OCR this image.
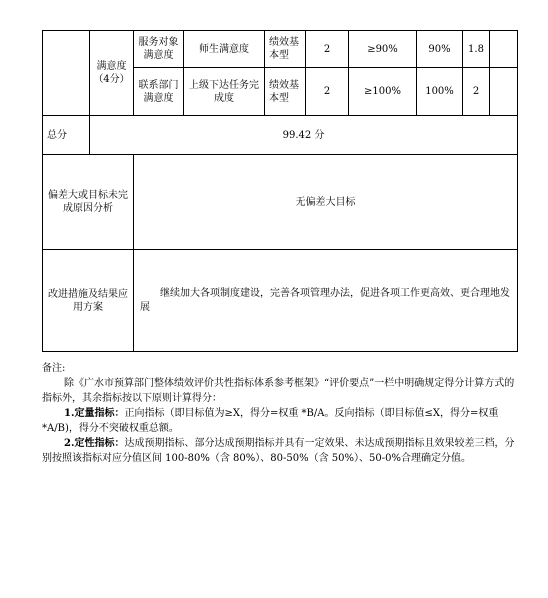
	满意度（4分）	服务对象满意度	师生满意度	绩效基本型	2	≥90%	90%	1.8	
		联系部门满意度	上级下达任务完成度	绩效基本型	2	≥100%	100%	2	
总分	99.42 分								
偏差大或目标未完成原因分析		无偏差大目标							
改进措施及结果应用方案		继续加大各项制度建设，完善各项管理办法，促进各项工作更高效、更合理地发展							

备注:

除《广水市预算部门整体绩效评价共性指标体系参考框架》“评价要点”一栏中明确规定得分计算方式的指标外，其余指标按以下原则计算得分：

1.定量指标：正向指标（即目标值为≥X，得分=权重 *B/A。反向指标（即目标值≤X，得分=权重*A/B)，得分不突破权重总额。

2.定性指标：达成预期指标、部分达成预期指标并具有一定效果、未达成预期指标且效果较差三档，分别按照该指标对应分值区间 100-80%（含 80%）、80-50%（含 50%）、50-0%合理确定分值。
